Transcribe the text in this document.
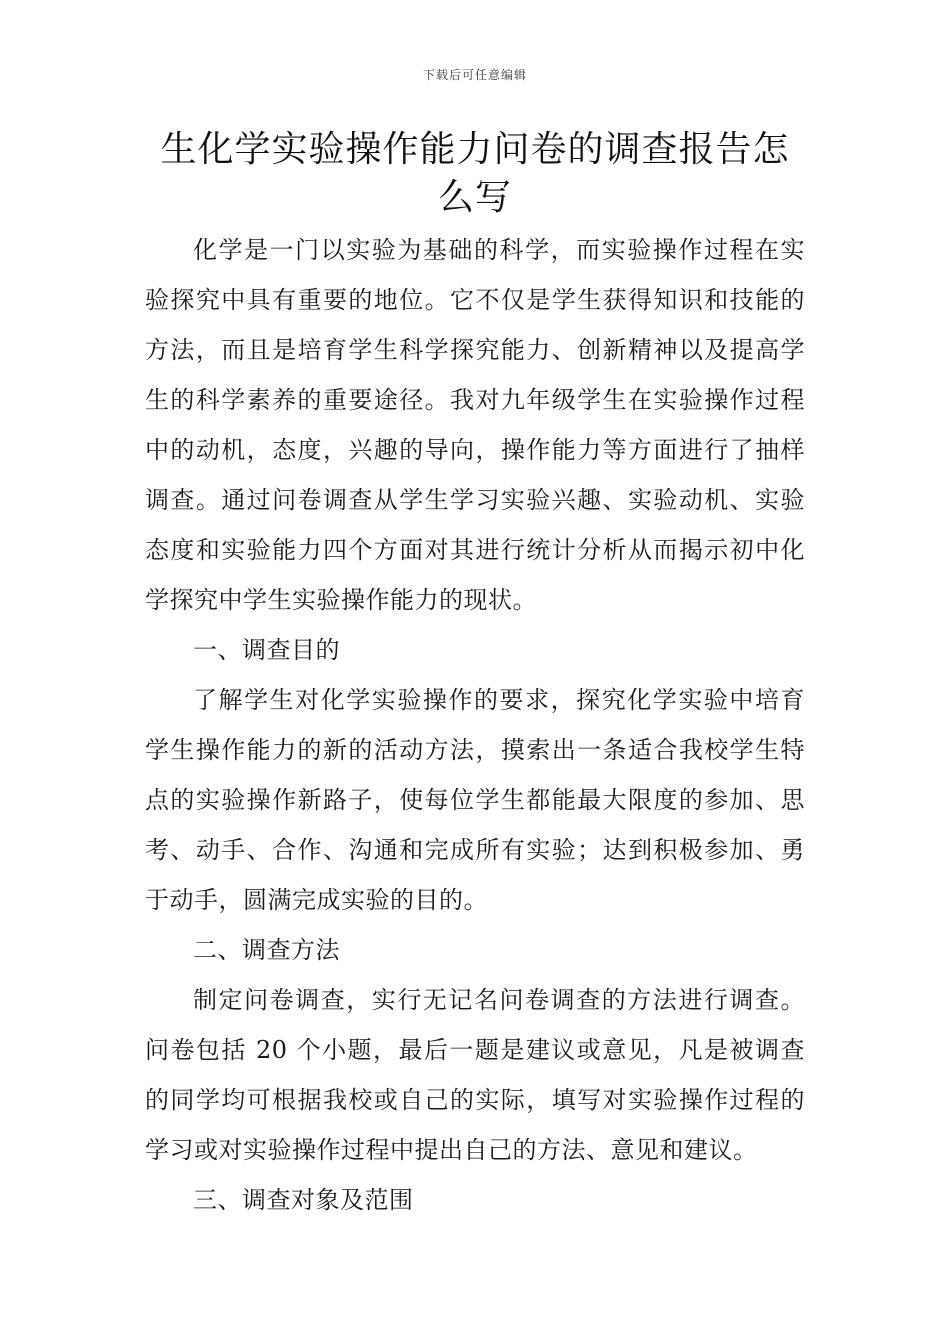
下载后可任意编辑
生化学实验操作能力问卷的调查报告怎么写

化学是一门以实验为基础的科学，而实验操作过程在实验探究中具有重要的地位。它不仅是学生获得知识和技能的方法，而且是培育学生科学探究能力、创新精神以及提高学生的科学素养的重要途径。我对九年级学生在实验操作过程中的动机，态度，兴趣的导向，操作能力等方面进行了抽样调查。通过问卷调查从学生学习实验兴趣、实验动机、实验态度和实验能力四个方面对其进行统计分析从而揭示初中化学探究中学生实验操作能力的现状。

一、调查目的

了解学生对化学实验操作的要求，探究化学实验中培育学生操作能力的新的活动方法，摸索出一条适合我校学生特点的实验操作新路子，使每位学生都能最大限度的参加、思考、动手、合作、沟通和完成所有实验；达到积极参加、勇于动手，圆满完成实验的目的。

二、调查方法

制定问卷调查，实行无记名问卷调查的方法进行调查。问卷包括 20 个小题，最后一题是建议或意见，凡是被调查的同学均可根据我校或自己的实际，填写对实验操作过程的学习或对实验操作过程中提出自己的方法、意见和建议。

三、调查对象及范围
